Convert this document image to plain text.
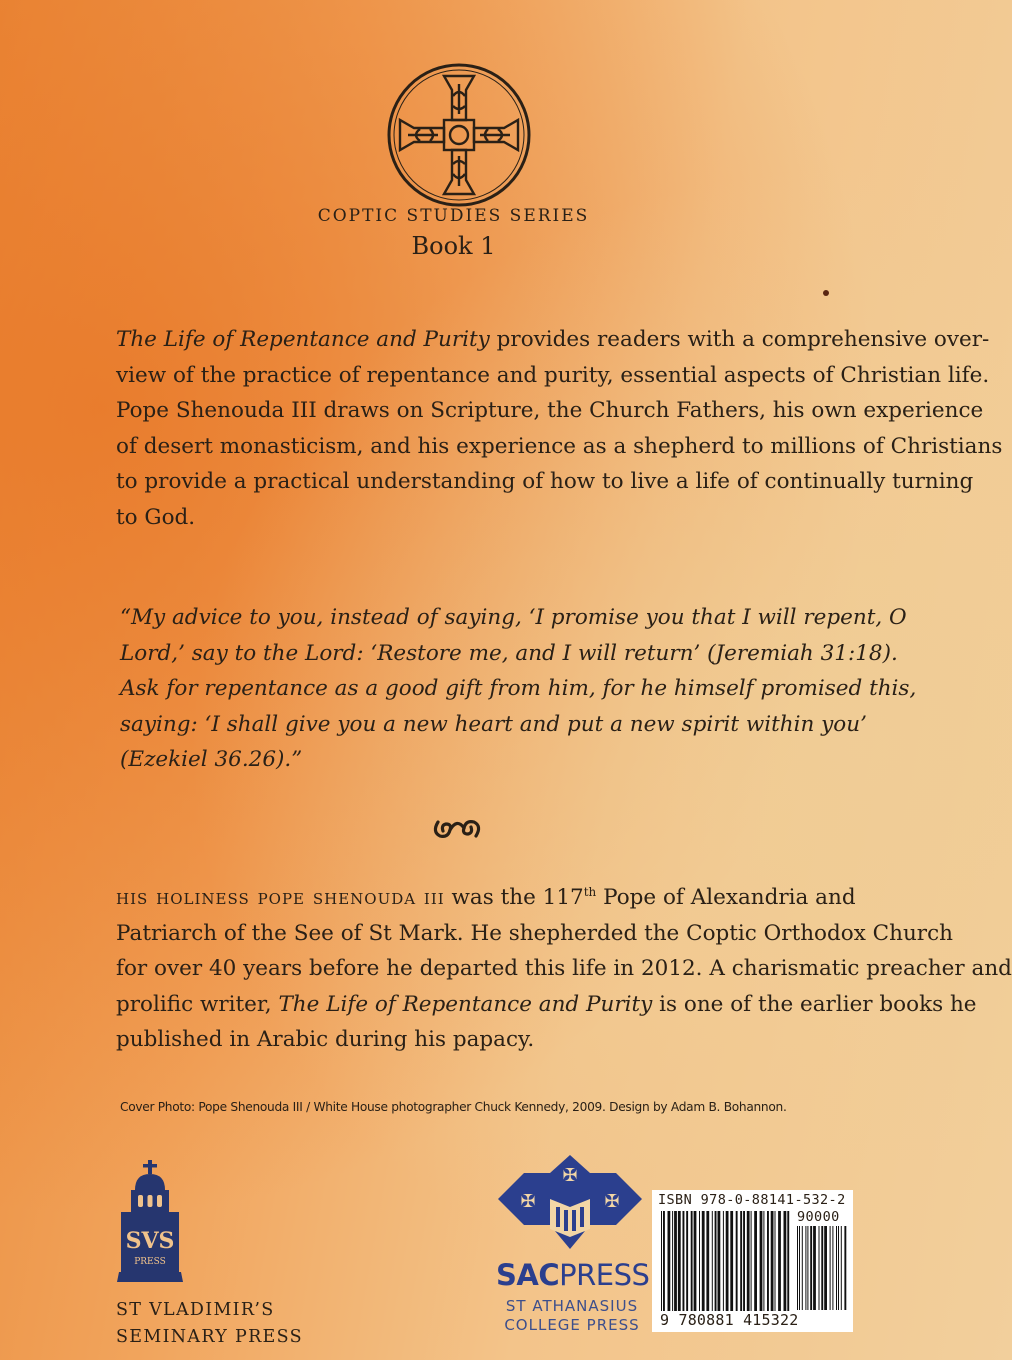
COPTIC STUDIES SERIES
Book 1

The Life of Repentance and Purity provides readers with a comprehensive over-
view of the practice of repentance and purity, essential aspects of Christian life.
Pope Shenouda III draws on Scripture, the Church Fathers, his own experience
of desert monasticism, and his experience as a shepherd to millions of Christians
to provide a practical understanding of how to live a life of continually turning
to God.

“My advice to you, instead of saying, ‘I promise you that I will repent, O
Lord,’ say to the Lord: ‘Restore me, and I will return’ (Jeremiah 31:18).
Ask for repentance as a good gift from him, for he himself promised this,
saying: ‘I shall give you a new heart and put a new spirit within you’
(Ezekiel 36.26).”

his holiness pope shenouda iii was the 117th Pope of Alexandria and
Patriarch of the See of St Mark. He shepherded the Coptic Orthodox Church
for over 40 years before he departed this life in 2012. A charismatic preacher and
prolific writer, The Life of Repentance and Purity is one of the earlier books he
published in Arabic during his papacy.

Cover Photo: Pope Shenouda III / White House photographer Chuck Kennedy, 2009. Design by Adam B. Bohannon.
SVS
PRESS
ST VLADIMIR’S
SEMINARY PRESS
✠
✠	✠
SACPRESS
ST ATHANASIUS
COLLEGE PRESS
ISBN 978-0-88141-532-2
90000
9 780881 415322
